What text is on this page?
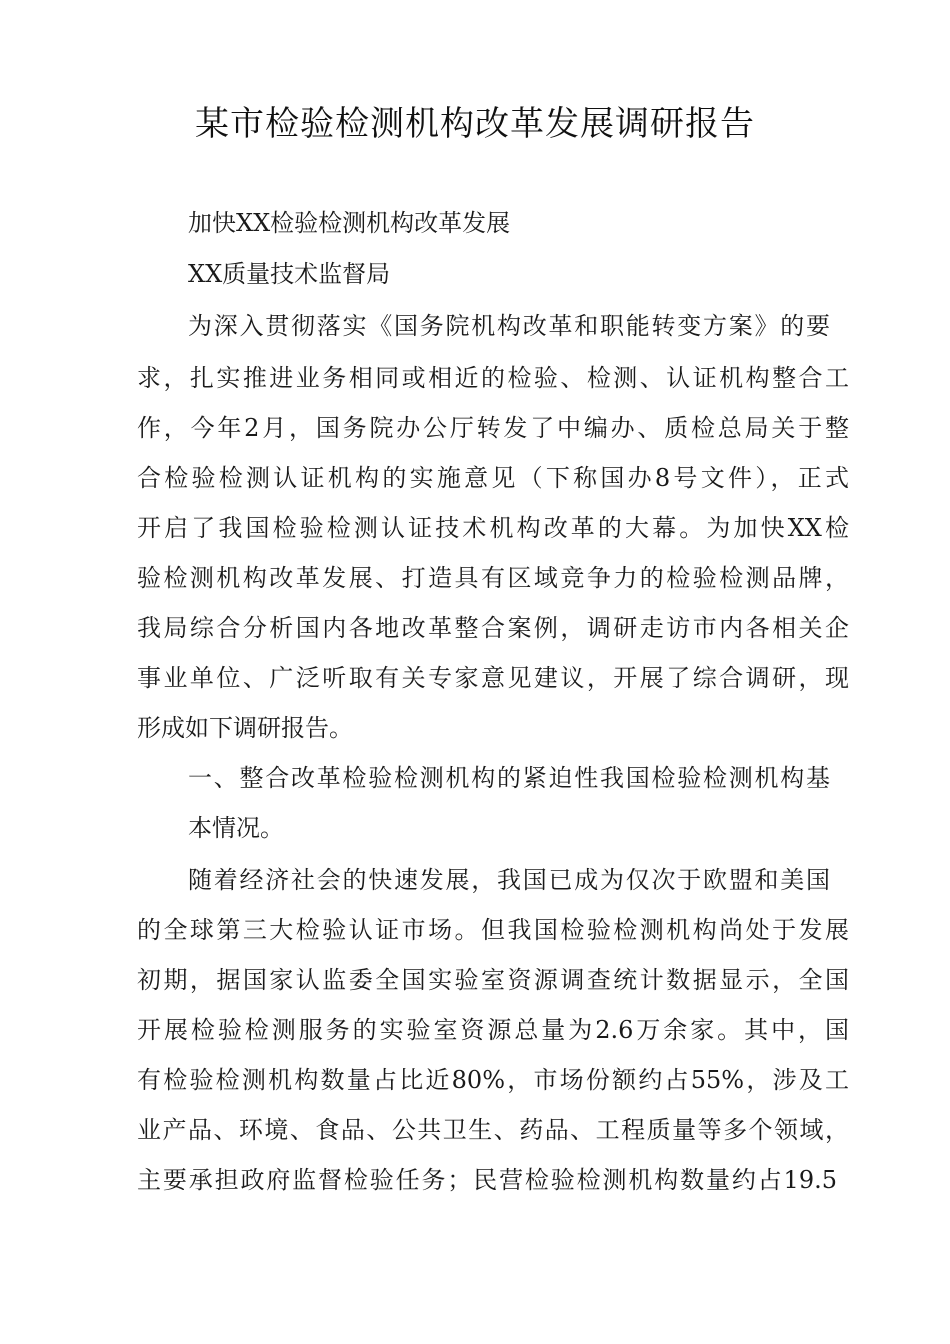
某市检验检测机构改革发展调研报告
加快XX检验检测机构改革发展
XX质量技术监督局
为深入贯彻落实《国务院机构改革和职能转变方案》的要
求，扎实推进业务相同或相近的检验、检测、认证机构整合工
作，今年2月，国务院办公厅转发了中编办、质检总局关于整
合检验检测认证机构的实施意见（下称国办8号文件），正式
开启了我国检验检测认证技术机构改革的大幕。为加快XX检
验检测机构改革发展、打造具有区域竞争力的检验检测品牌，
我局综合分析国内各地改革整合案例，调研走访市内各相关企
事业单位、广泛听取有关专家意见建议，开展了综合调研，现
形成如下调研报告。
一、整合改革检验检测机构的紧迫性我国检验检测机构基
本情况。
随着经济社会的快速发展，我国已成为仅次于欧盟和美国
的全球第三大检验认证市场。但我国检验检测机构尚处于发展
初期，据国家认监委全国实验室资源调查统计数据显示，全国
开展检验检测服务的实验室资源总量为2.6万余家。其中，国
有检验检测机构数量占比近80%，市场份额约占55%，涉及工
业产品、环境、食品、公共卫生、药品、工程质量等多个领域，
主要承担政府监督检验任务；民营检验检测机构数量约占19.5
